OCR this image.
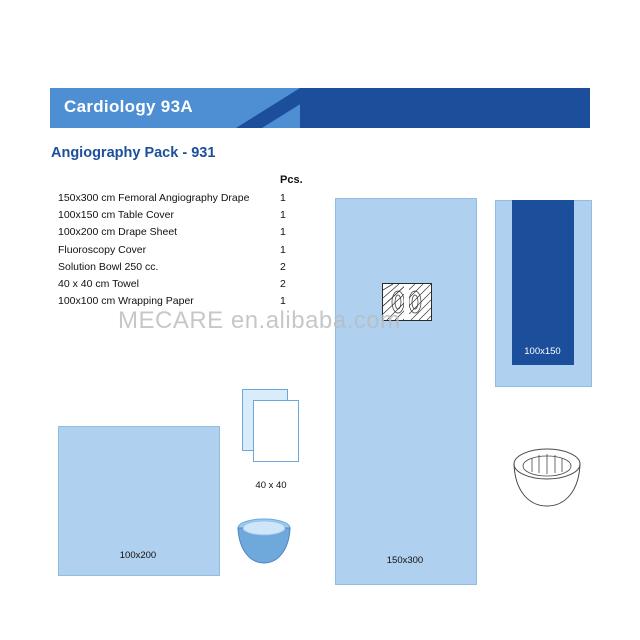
Cardiology 93A
Angiography Pack - 931
Pcs.
150x300 cm Femoral Angiography Drape	1
100x150 cm Table Cover	1
100x200 cm Drape Sheet	1
Fluoroscopy Cover	1
Solution Bowl 250 cc.	2
40 x 40 cm Towel	2
100x100 cm Wrapping Paper	1
150x300
100x200
100x150
40 x 40
MECARE en.alibaba.com
